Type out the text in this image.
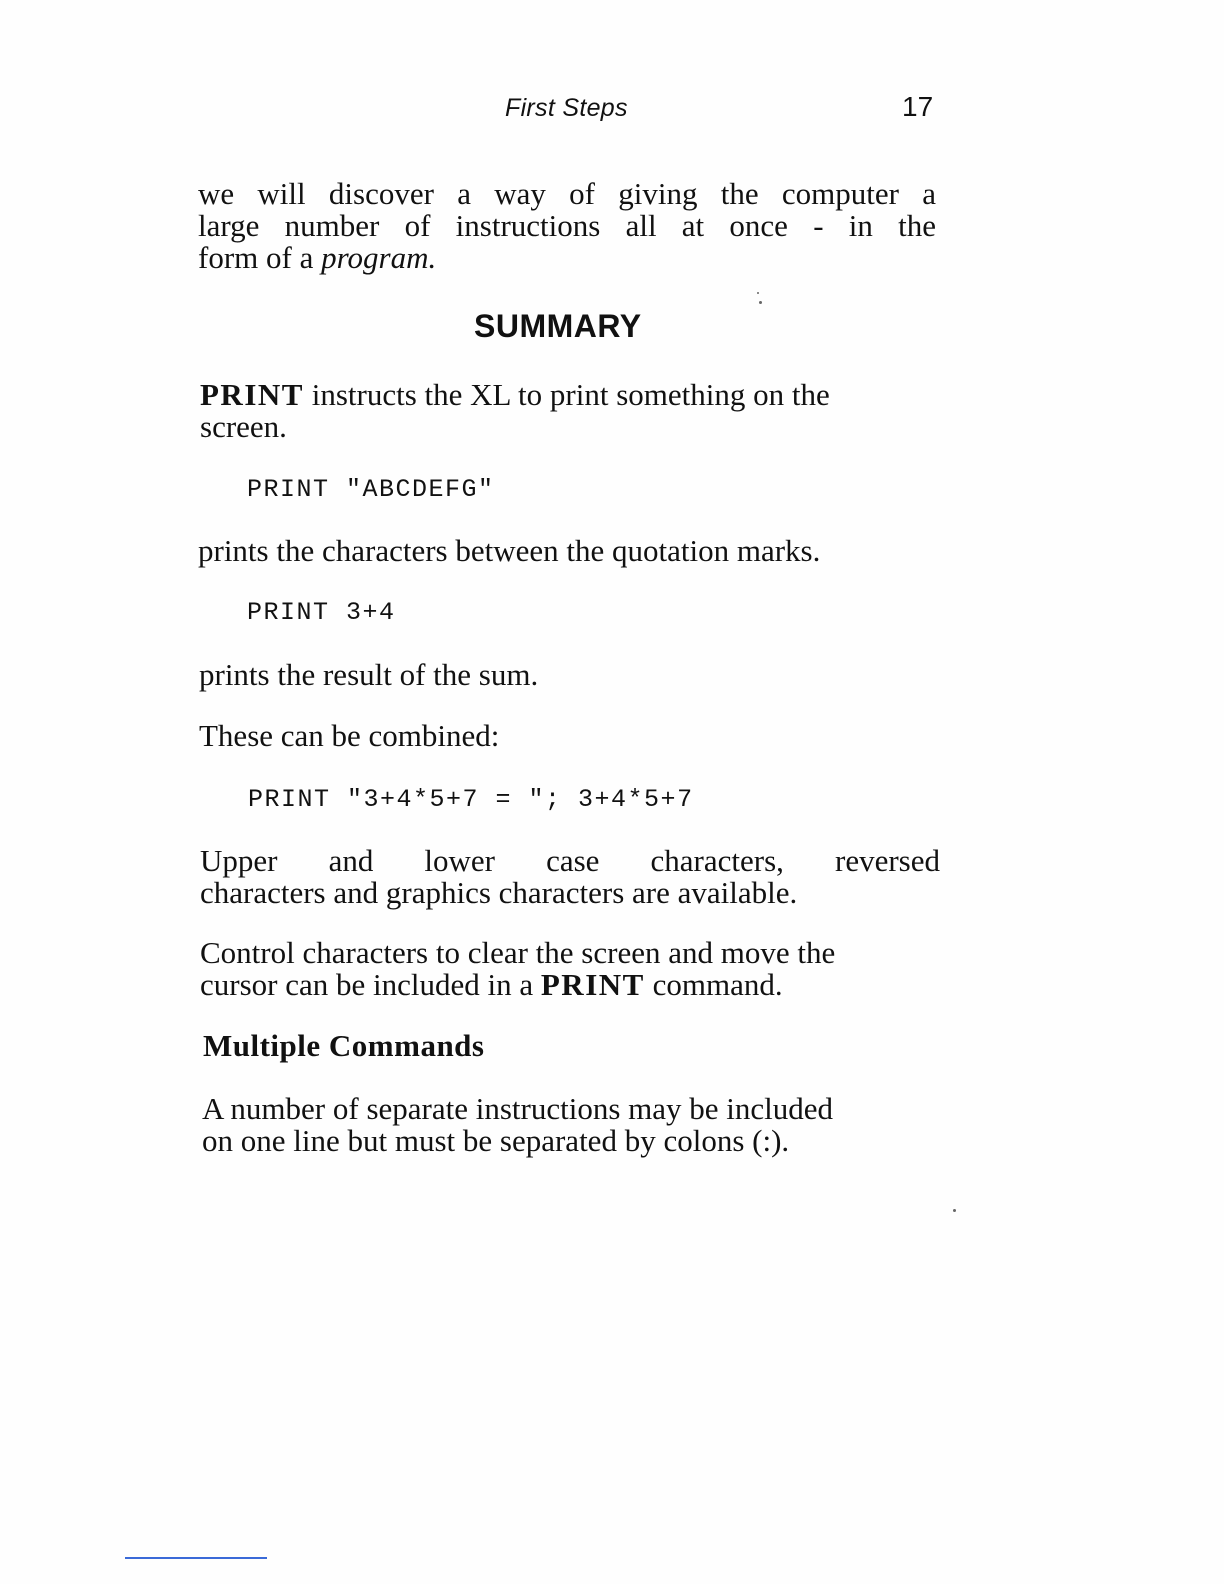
First Steps	17
we will discover a way of giving the computer a
large number of instructions all at once - in the
form of a program.
SUMMARY
PRINT instructs the XL to print something on the
screen.
PRINT "ABCDEFG"
prints the characters between the quotation marks.
PRINT 3+4
prints the result of the sum.
These can be combined:
PRINT "3+4*5+7 = "; 3+4*5+7
Upper and lower case characters, reversed
characters and graphics characters are available.
Control characters to clear the screen and move the
cursor can be included in a PRINT command.
Multiple Commands
A number of separate instructions may be included
on one line but must be separated by colons (:).
